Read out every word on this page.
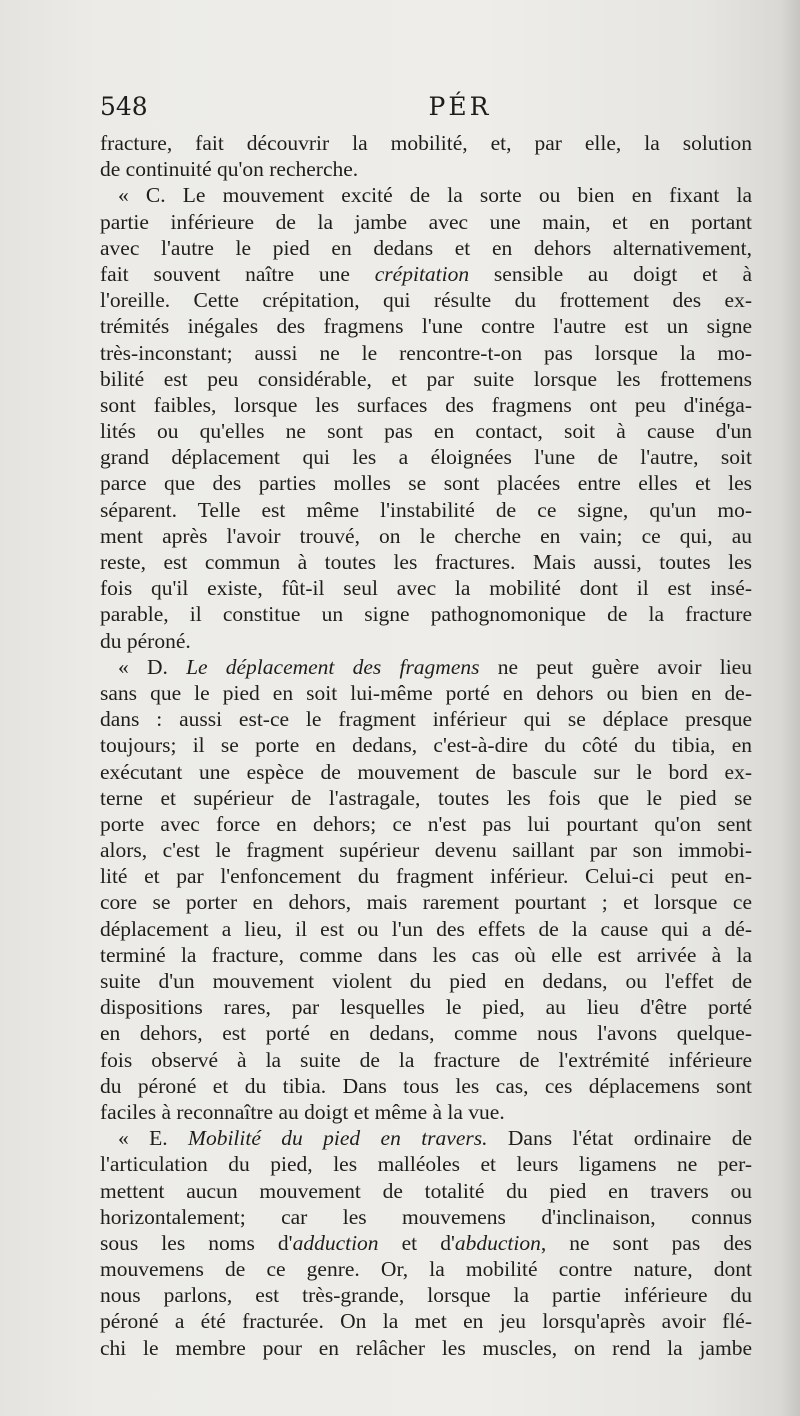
548	PÉR
fracture, fait découvrir la mobilité, et, par elle, la solution
de continuité qu'on recherche.
« C. Le mouvement excité de la sorte ou bien en fixant la
partie inférieure de la jambe avec une main, et en portant
avec l'autre le pied en dedans et en dehors alternativement,
fait souvent naître une crépitation sensible au doigt et à
l'oreille. Cette crépitation, qui résulte du frottement des ex-
trémités inégales des fragmens l'une contre l'autre est un signe
très-inconstant; aussi ne le rencontre-t-on pas lorsque la mo-
bilité est peu considérable, et par suite lorsque les frottemens
sont faibles, lorsque les surfaces des fragmens ont peu d'inéga-
lités ou qu'elles ne sont pas en contact, soit à cause d'un
grand déplacement qui les a éloignées l'une de l'autre, soit
parce que des parties molles se sont placées entre elles et les
séparent. Telle est même l'instabilité de ce signe, qu'un mo-
ment après l'avoir trouvé, on le cherche en vain; ce qui, au
reste, est commun à toutes les fractures. Mais aussi, toutes les
fois qu'il existe, fût-il seul avec la mobilité dont il est insé-
parable, il constitue un signe pathognomonique de la fracture
du péroné.
« D. Le déplacement des fragmens ne peut guère avoir lieu
sans que le pied en soit lui-même porté en dehors ou bien en de-
dans : aussi est-ce le fragment inférieur qui se déplace presque
toujours; il se porte en dedans, c'est-à-dire du côté du tibia, en
exécutant une espèce de mouvement de bascule sur le bord ex-
terne et supérieur de l'astragale, toutes les fois que le pied se
porte avec force en dehors; ce n'est pas lui pourtant qu'on sent
alors, c'est le fragment supérieur devenu saillant par son immobi-
lité et par l'enfoncement du fragment inférieur. Celui-ci peut en-
core se porter en dehors, mais rarement pourtant ; et lorsque ce
déplacement a lieu, il est ou l'un des effets de la cause qui a dé-
terminé la fracture, comme dans les cas où elle est arrivée à la
suite d'un mouvement violent du pied en dedans, ou l'effet de
dispositions rares, par lesquelles le pied, au lieu d'être porté
en dehors, est porté en dedans, comme nous l'avons quelque-
fois observé à la suite de la fracture de l'extrémité inférieure
du péroné et du tibia. Dans tous les cas, ces déplacemens sont
faciles à reconnaître au doigt et même à la vue.
« E. Mobilité du pied en travers. Dans l'état ordinaire de
l'articulation du pied, les malléoles et leurs ligamens ne per-
mettent aucun mouvement de totalité du pied en travers ou
horizontalement; car les mouvemens d'inclinaison, connus
sous les noms d'adduction et d'abduction, ne sont pas des
mouvemens de ce genre. Or, la mobilité contre nature, dont
nous parlons, est très-grande, lorsque la partie inférieure du
péroné a été fracturée. On la met en jeu lorsqu'après avoir flé-
chi le membre pour en relâcher les muscles, on rend la jambe
